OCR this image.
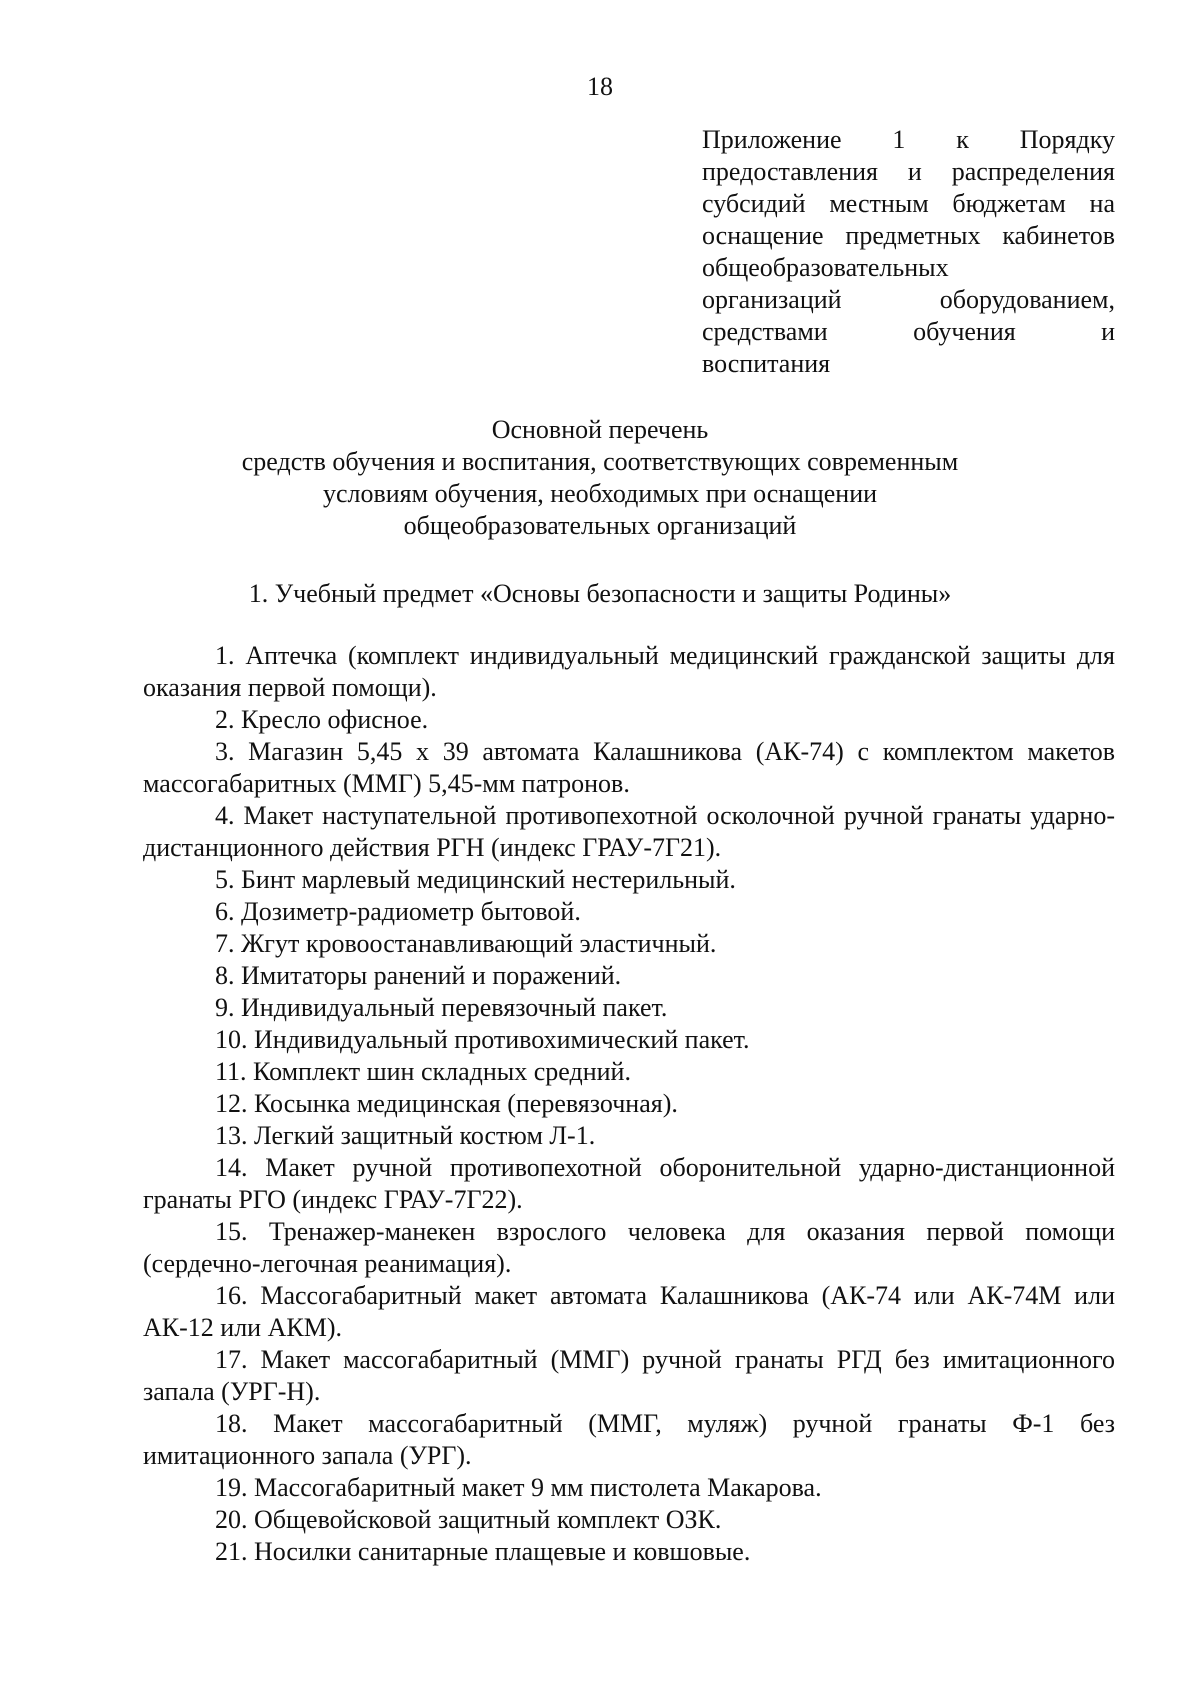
18
Приложение 1 к Порядку
предоставления и распределения
субсидий местным бюджетам на
оснащение предметных кабинетов
общеобразовательных
организаций оборудованием,
средствами обучения и
воспитания
Основной перечень
средств обучения и воспитания, соответствующих современным
условиям обучения, необходимых при оснащении
общеобразовательных организаций
1. Учебный предмет «Основы безопасности и защиты Родины»
1. Аптечка (комплект индивидуальный медицинский гражданской защиты для оказания первой помощи).
2. Кресло офисное.
3. Магазин 5,45 х 39 автомата Калашникова (АК-74) с комплектом макетов массогабаритных (ММГ) 5,45-мм патронов.
4. Макет наступательной противопехотной осколочной ручной гранаты ударно-дистанционного действия РГН (индекс ГРАУ-7Г21).
5. Бинт марлевый медицинский нестерильный.
6. Дозиметр-радиометр бытовой.
7. Жгут кровоостанавливающий эластичный.
8. Имитаторы ранений и поражений.
9. Индивидуальный перевязочный пакет.
10. Индивидуальный противохимический пакет.
11. Комплект шин складных средний.
12. Косынка медицинская (перевязочная).
13. Легкий защитный костюм Л-1.
14. Макет ручной противопехотной оборонительной ударно-дистанционной гранаты РГО (индекс ГРАУ-7Г22).
15. Тренажер-манекен взрослого человека для оказания первой помощи (сердечно-легочная реанимация).
16. Массогабаритный макет автомата Калашникова (АК-74 или АК-74М или АК-12 или АКМ).
17. Макет массогабаритный (ММГ) ручной гранаты РГД без имитационного запала (УРГ-Н).
18. Макет массогабаритный (ММГ, муляж) ручной гранаты Ф-1 без имитационного запала (УРГ).
19. Массогабаритный макет 9 мм пистолета Макарова.
20. Общевойсковой защитный комплект ОЗК.
21. Носилки санитарные плащевые и ковшовые.
